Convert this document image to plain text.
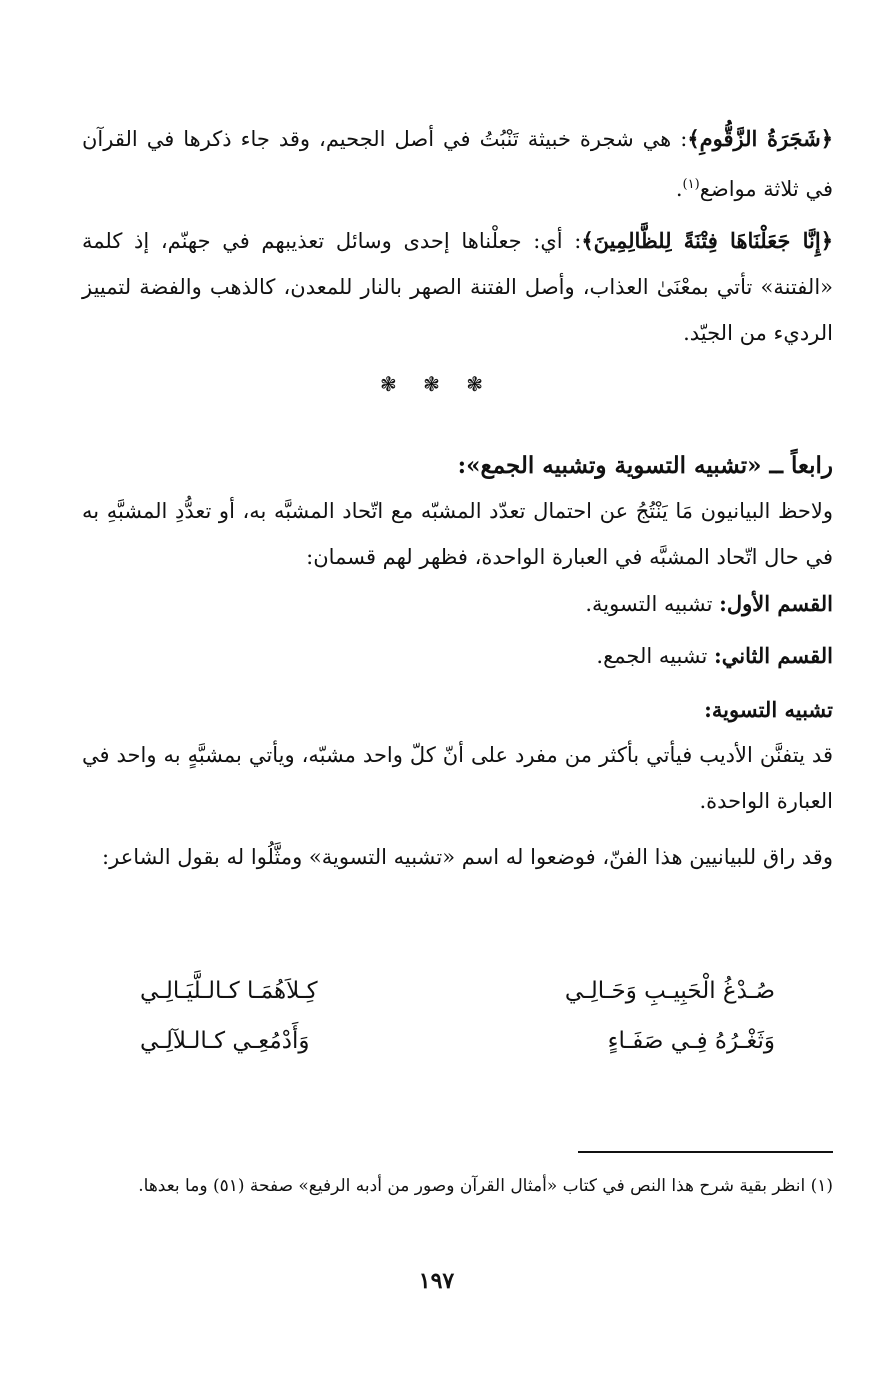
﴿شَجَرَةُ الزَّقُّومِ﴾: هي شجرة خبيثة تَنْبُتُ في أصل الجحيم، وقد جاء ذكرها في القرآن في ثلاثة مواضع$^{(١)}$.

﴿إِنَّا جَعَلْنَاهَا فِتْنَةً لِلظَّالِمِينَ﴾: أي: جعلْناها إحدى وسائل تعذيبهم في جهنّم، إذ كلمة «الفتنة» تأتي بمعْنَىٰ العذاب، وأصل الفتنة الصهر بالنار للمعدن، كالذهب والفضة لتمييز الرديء من الجيّد.

❃ ❃ ❃

رابعاً ــ «تشبيه التسوية وتشبيه الجمع»:

ولاحظ البيانيون مَا يَنْتُجُ عن احتمال تعدّد المشبّه مع اتّحاد المشبَّه به، أو تعدُّدِ المشبَّهِ به في حال اتّحاد المشبَّه في العبارة الواحدة، فظهر لهم قسمان:

القسم الأول: تشبيه التسوية.

القسم الثاني: تشبيه الجمع.

تشبيه التسوية:

قد يتفنَّن الأديب فيأتي بأكثر من مفرد على أنّ كلّ واحد مشبّه، ويأتي بمشبَّهٍ به واحد في العبارة الواحدة.

وقد راق للبيانيين هذا الفنّ، فوضعوا له اسم «تشبيه التسوية» ومثَّلُوا له بقول الشاعر:

صُـدْغُ الْحَبِيـبِ وَحَـالِـي
كِـلاَهُمَـا كـالـلَّيَـالِـي
وَثَغْـرُهُ فِـي صَفَـاءٍ
وَأَدْمُعِـي كـالـلآلِـي
(١) انظر بقية شرح هذا النص في كتاب «أمثال القرآن وصور من أدبه الرفيع» صفحة (٥١) وما بعدها.
١٩٧
